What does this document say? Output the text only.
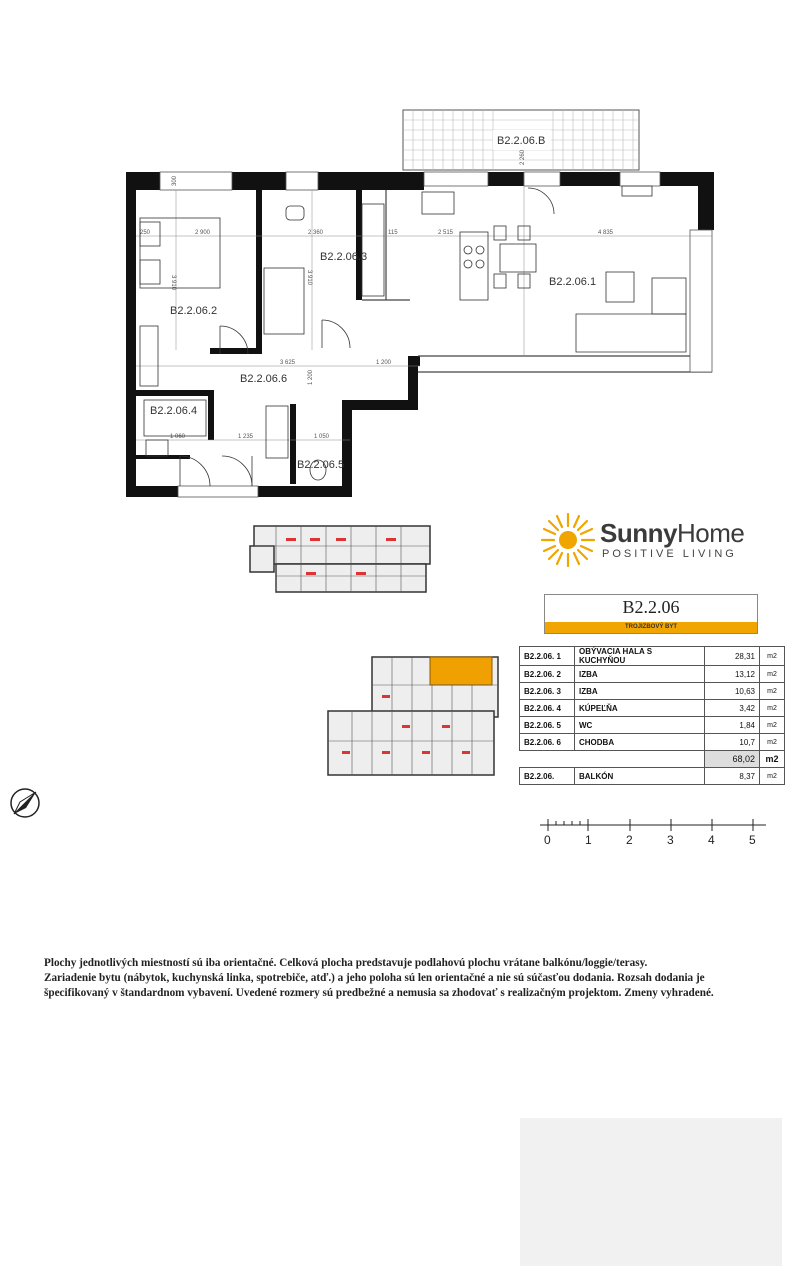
B2.2.06.B
2 900	2 360	2 515	4 835
3 910	3 910
3 625	1 200
1 235	1 050
1 060
250
300
115
2 260
1 200
B2.2.06.1
B2.2.06.2
B2.2.06.3
B2.2.06.4
B2.2.06.5
B2.2.06.6
SunnyHome
POSITIVE LIVING
B2.2.06
TROJIZBOVÝ BYT
B2.2.06. 1	OBÝVACIA HALA S KUCHYŇOU	28,31	m2
B2.2.06. 2	IZBA	13,12	m2
B2.2.06. 3	IZBA	10,63	m2
B2.2.06. 4	KÚPEĽŇA	3,42	m2
B2.2.06. 5	WC	1,84	m2
B2.2.06. 6	CHODBA	10,7	m2
		68,02	m2
B2.2.06.	BALKÓN	8,37	m2
0	1	2	3	4	5
Plochy jednotlivých miestností sú iba orientačné. Celková plocha predstavuje podlahovú plochu vrátane balkónu/loggie/terasy.
Zariadenie bytu (nábytok, kuchynská linka, spotrebiče, atď.) a jeho poloha sú len orientačné a nie sú súčasťou dodania. Rozsah dodania je
špecifikovaný v štandardnom vybavení. Uvedené rozmery sú predbežné a nemusia sa zhodovať s realizačným projektom. Zmeny vyhradené.
